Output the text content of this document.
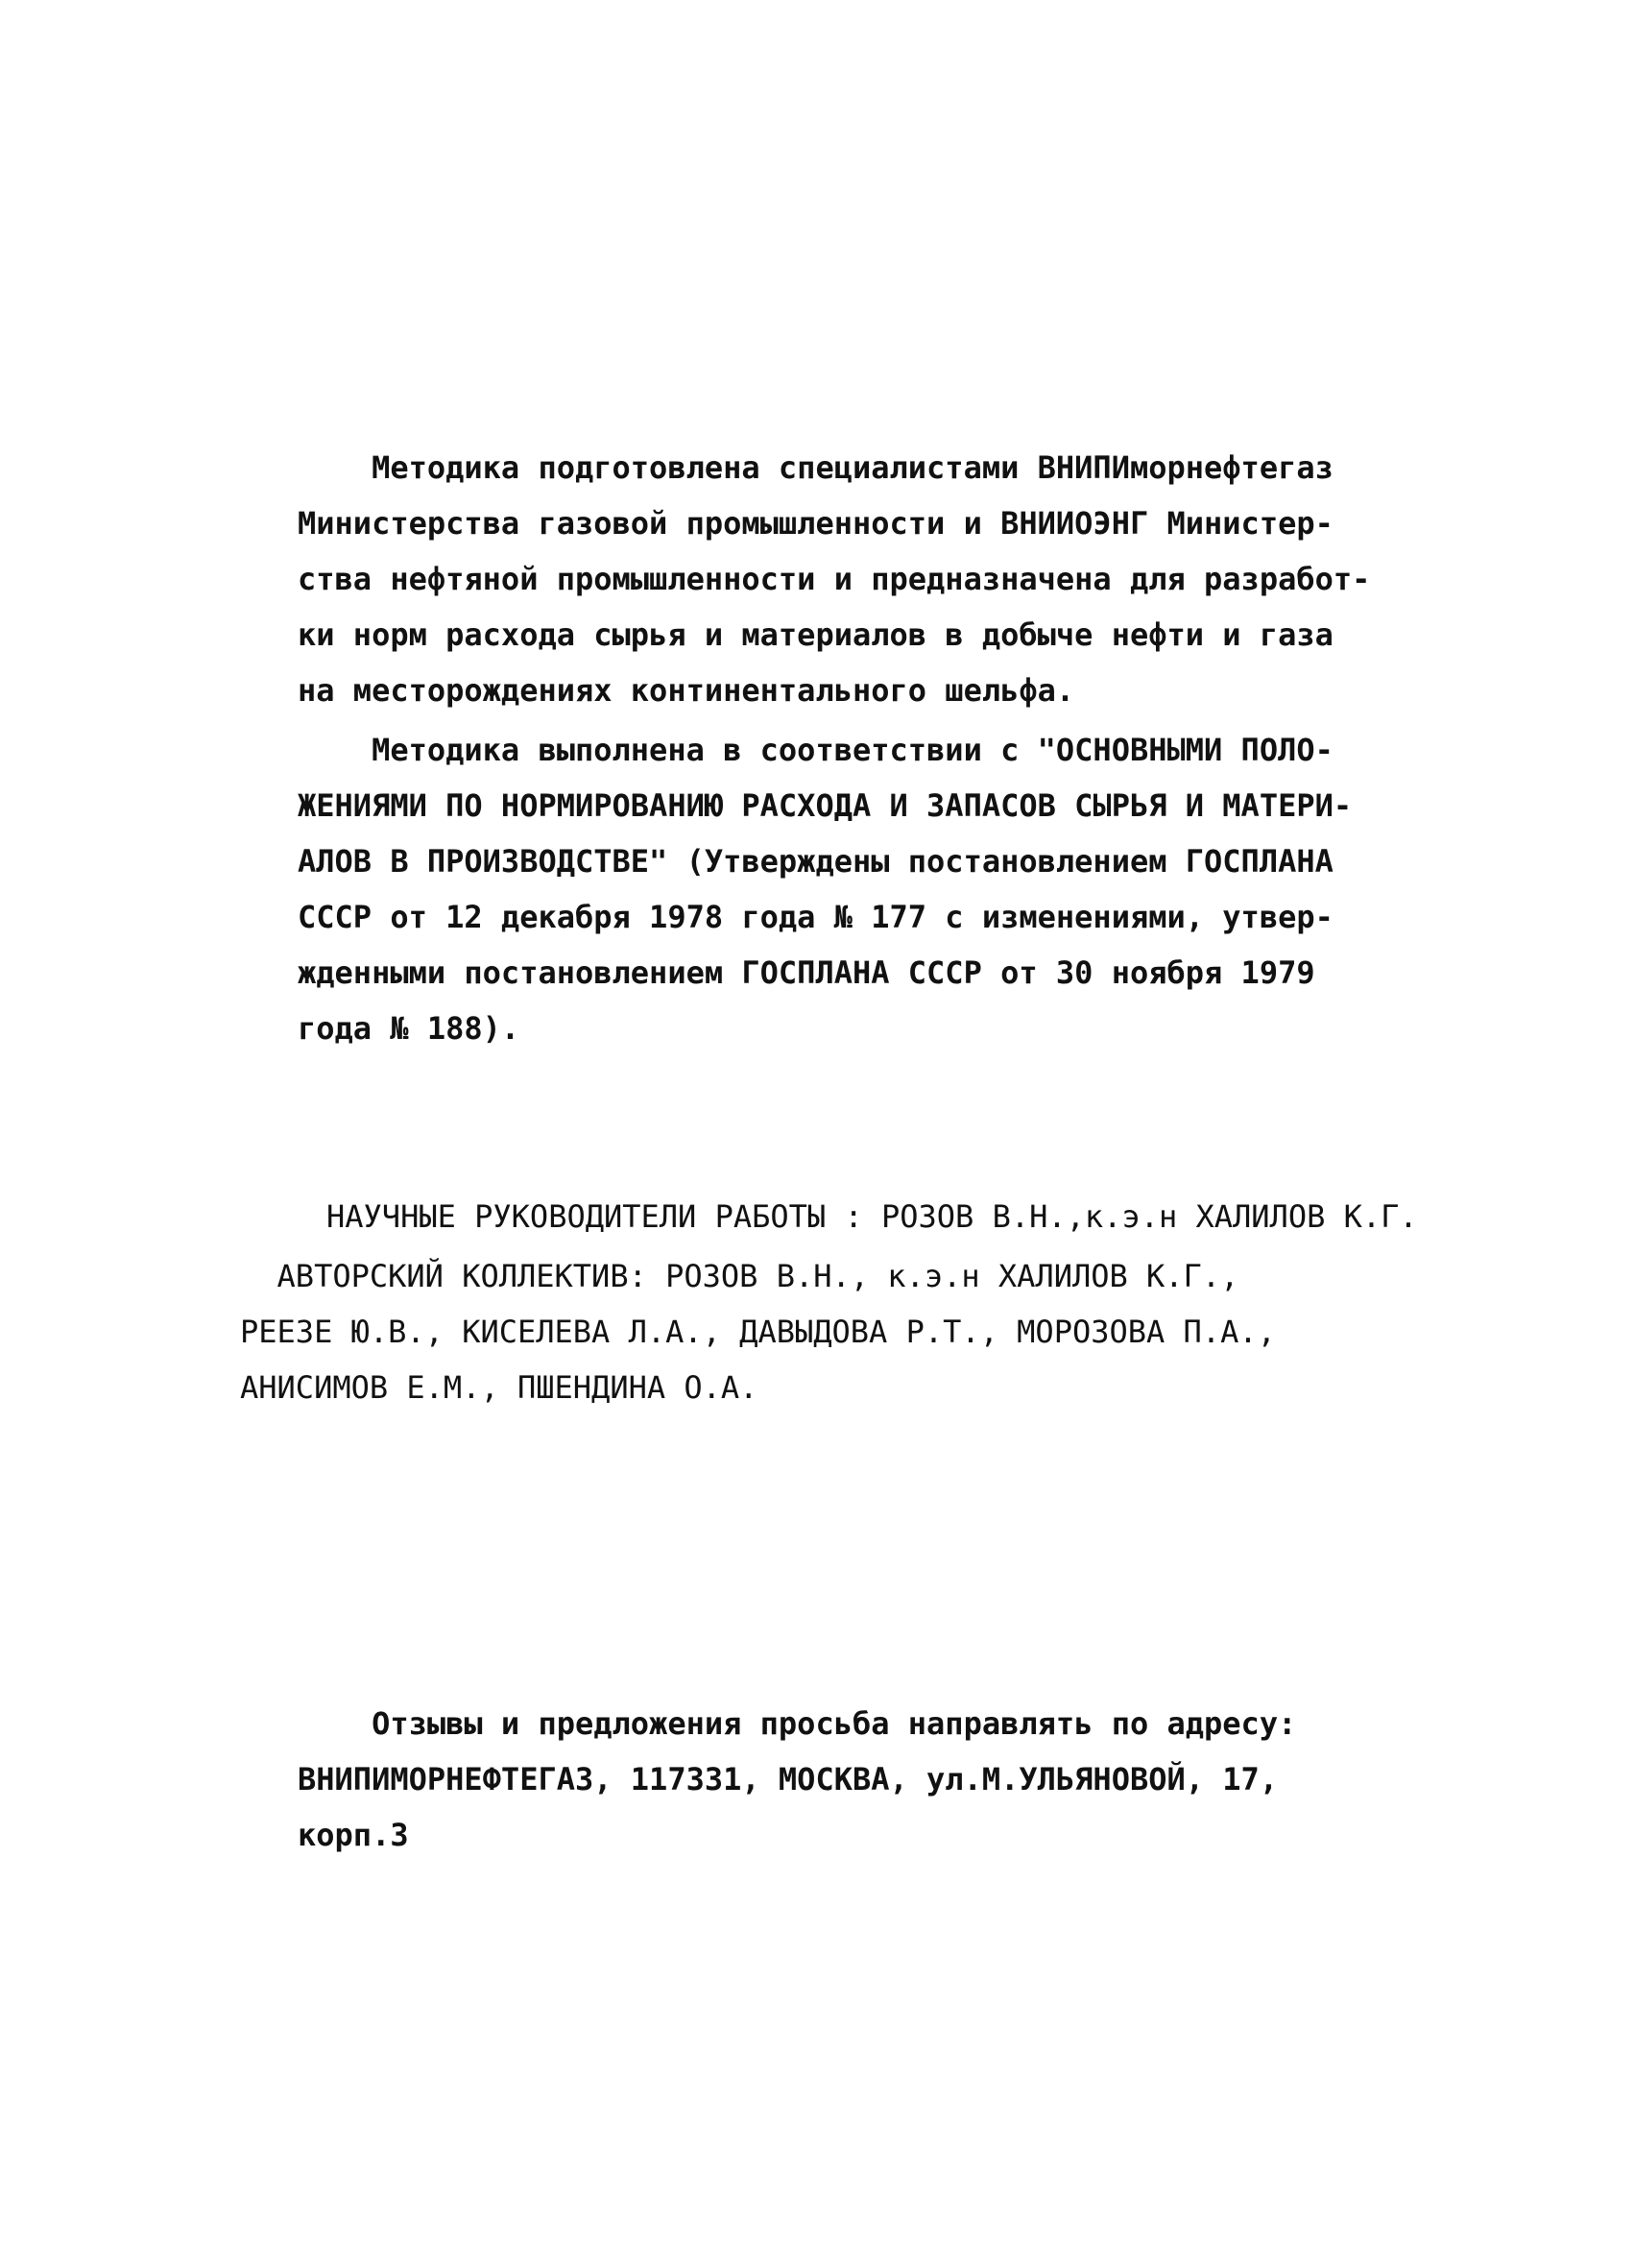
Методика подготовлена специалистами ВНИПИморнефтегаз
Министерства газовой промышленности и ВНИИОЭНГ Министер-
ства нефтяной промышленности и предназначена для разработ-
ки норм расхода сырья и материалов в добыче нефти и газа
на месторождениях континентального шельфа.
Методика выполнена в соответствии с "ОСНОВНЫМИ ПОЛО-
ЖЕНИЯМИ ПО НОРМИРОВАНИЮ РАСХОДА И ЗАПАСОВ СЫРЬЯ И МАТЕРИ-
АЛОВ В ПРОИЗВОДСТВЕ" (Утверждены постановлением ГОСПЛАНА
СССР от 12 декабря 1978 года № 177 с изменениями, утвер-
жденными постановлением ГОСПЛАНА СССР от 30 ноября 1979
года № 188).
НАУЧНЫЕ РУКОВОДИТЕЛИ РАБОТЫ : РОЗОВ В.Н.,к.э.н ХАЛИЛОВ К.Г.
АВТОРСКИЙ КОЛЛЕКТИВ: РОЗОВ В.Н., к.э.н ХАЛИЛОВ К.Г.,
РЕЕЗЕ Ю.В., КИСЕЛЕВА Л.А., ДАВЫДОВА Р.Т., МОРОЗОВА П.А.,
АНИСИМОВ Е.М., ПШЕНДИНА О.А.
Отзывы и предложения просьба направлять по адресу:
ВНИПИМОРНЕФТЕГАЗ, 117331, МОСКВА, ул.М.УЛЬЯНОВОЙ, 17,
корп.3
